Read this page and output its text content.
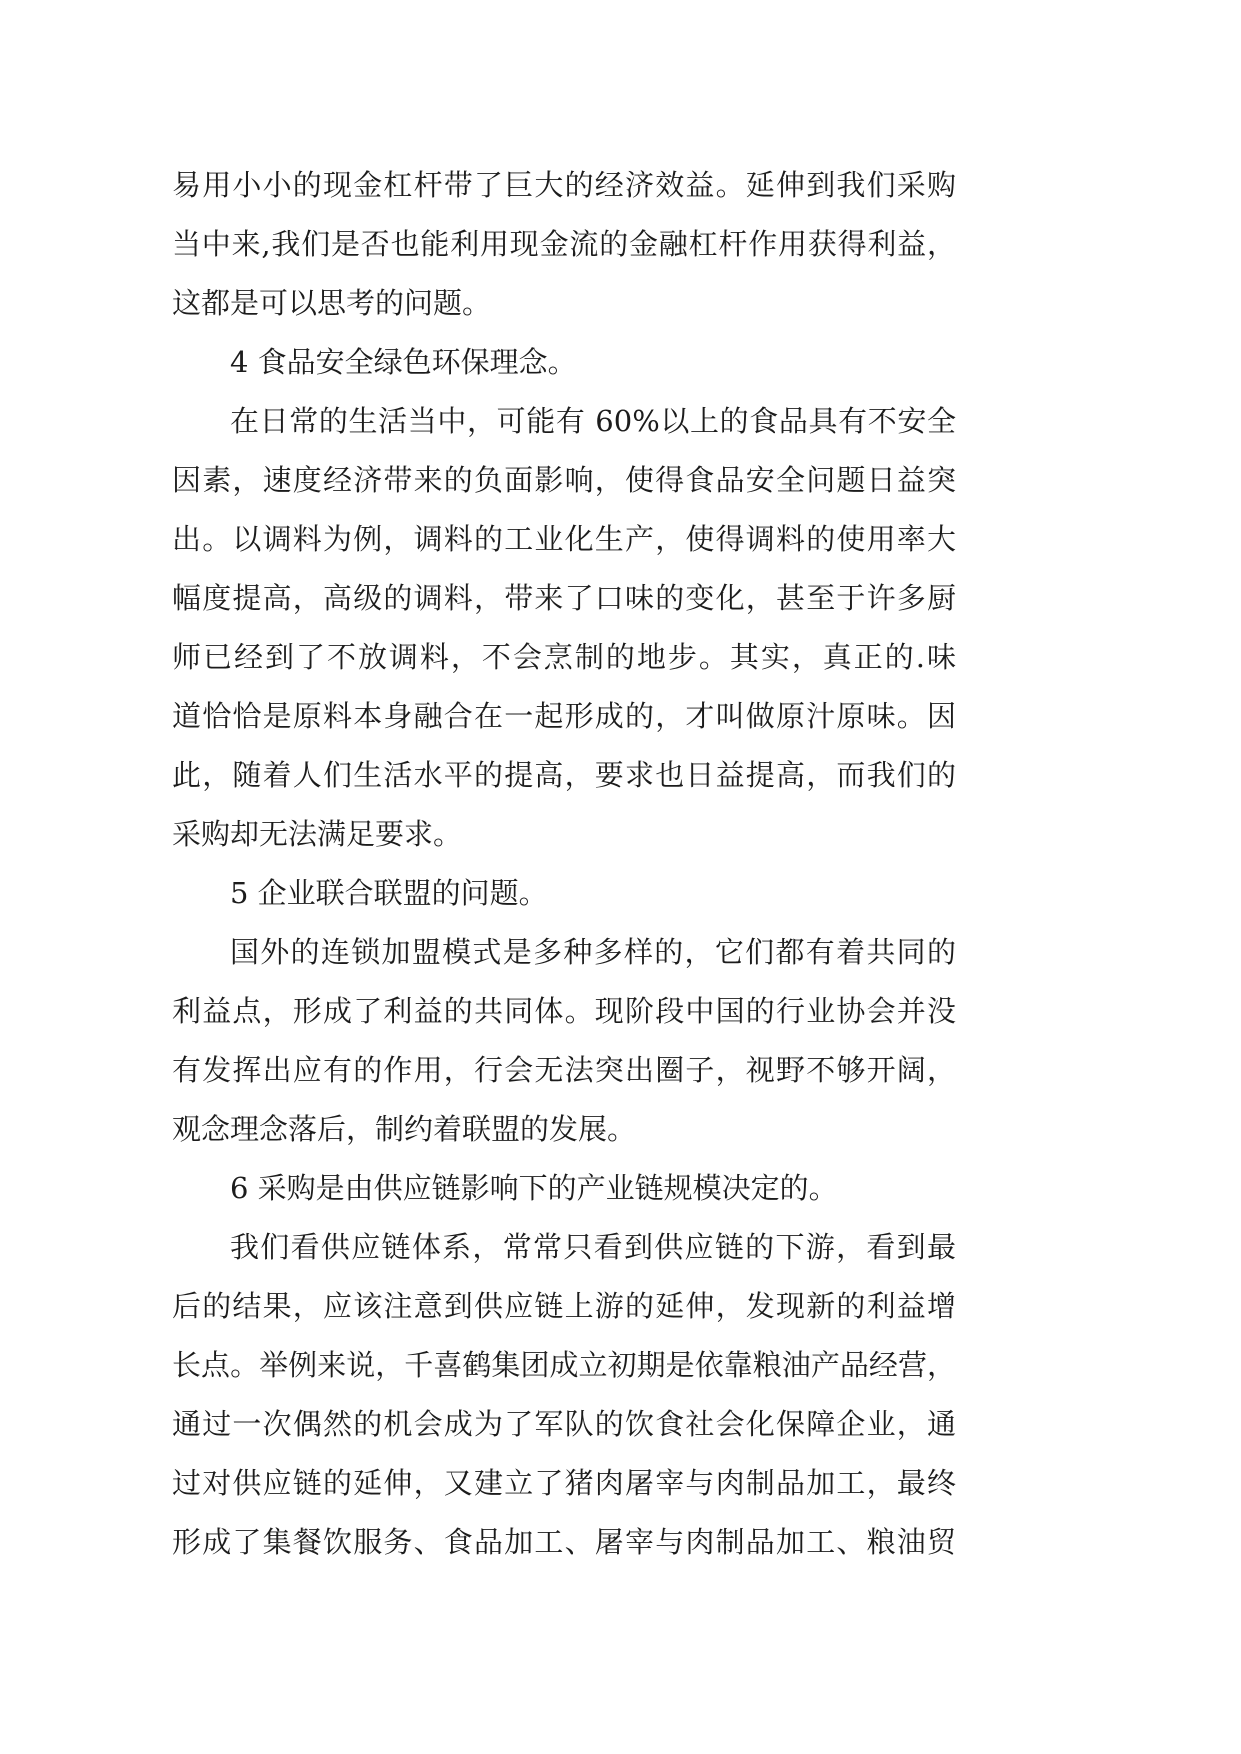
易用小小的现金杠杆带了巨大的经济效益。延伸到我们采购
当中来,我们是否也能利用现金流的金融杠杆作用获得利益，
这都是可以思考的问题。
4 食品安全绿色环保理念。
在日常的生活当中，可能有 60%以上的食品具有不安全
因素，速度经济带来的负面影响，使得食品安全问题日益突
出。以调料为例，调料的工业化生产，使得调料的使用率大
幅度提高，高级的调料，带来了口味的变化，甚至于许多厨
师已经到了不放调料，不会烹制的地步。其实，真正的.味
道恰恰是原料本身融合在一起形成的，才叫做原汁原味。因
此，随着人们生活水平的提高，要求也日益提高，而我们的
采购却无法满足要求。
5 企业联合联盟的问题。
国外的连锁加盟模式是多种多样的，它们都有着共同的
利益点，形成了利益的共同体。现阶段中国的行业协会并没
有发挥出应有的作用，行会无法突出圈子，视野不够开阔，
观念理念落后，制约着联盟的发展。
6 采购是由供应链影响下的产业链规模决定的。
我们看供应链体系，常常只看到供应链的下游，看到最
后的结果，应该注意到供应链上游的延伸，发现新的利益增
长点。举例来说，千喜鹤集团成立初期是依靠粮油产品经营，
通过一次偶然的机会成为了军队的饮食社会化保障企业，通
过对供应链的延伸，又建立了猪肉屠宰与肉制品加工，最终
形成了集餐饮服务、食品加工、屠宰与肉制品加工、粮油贸
